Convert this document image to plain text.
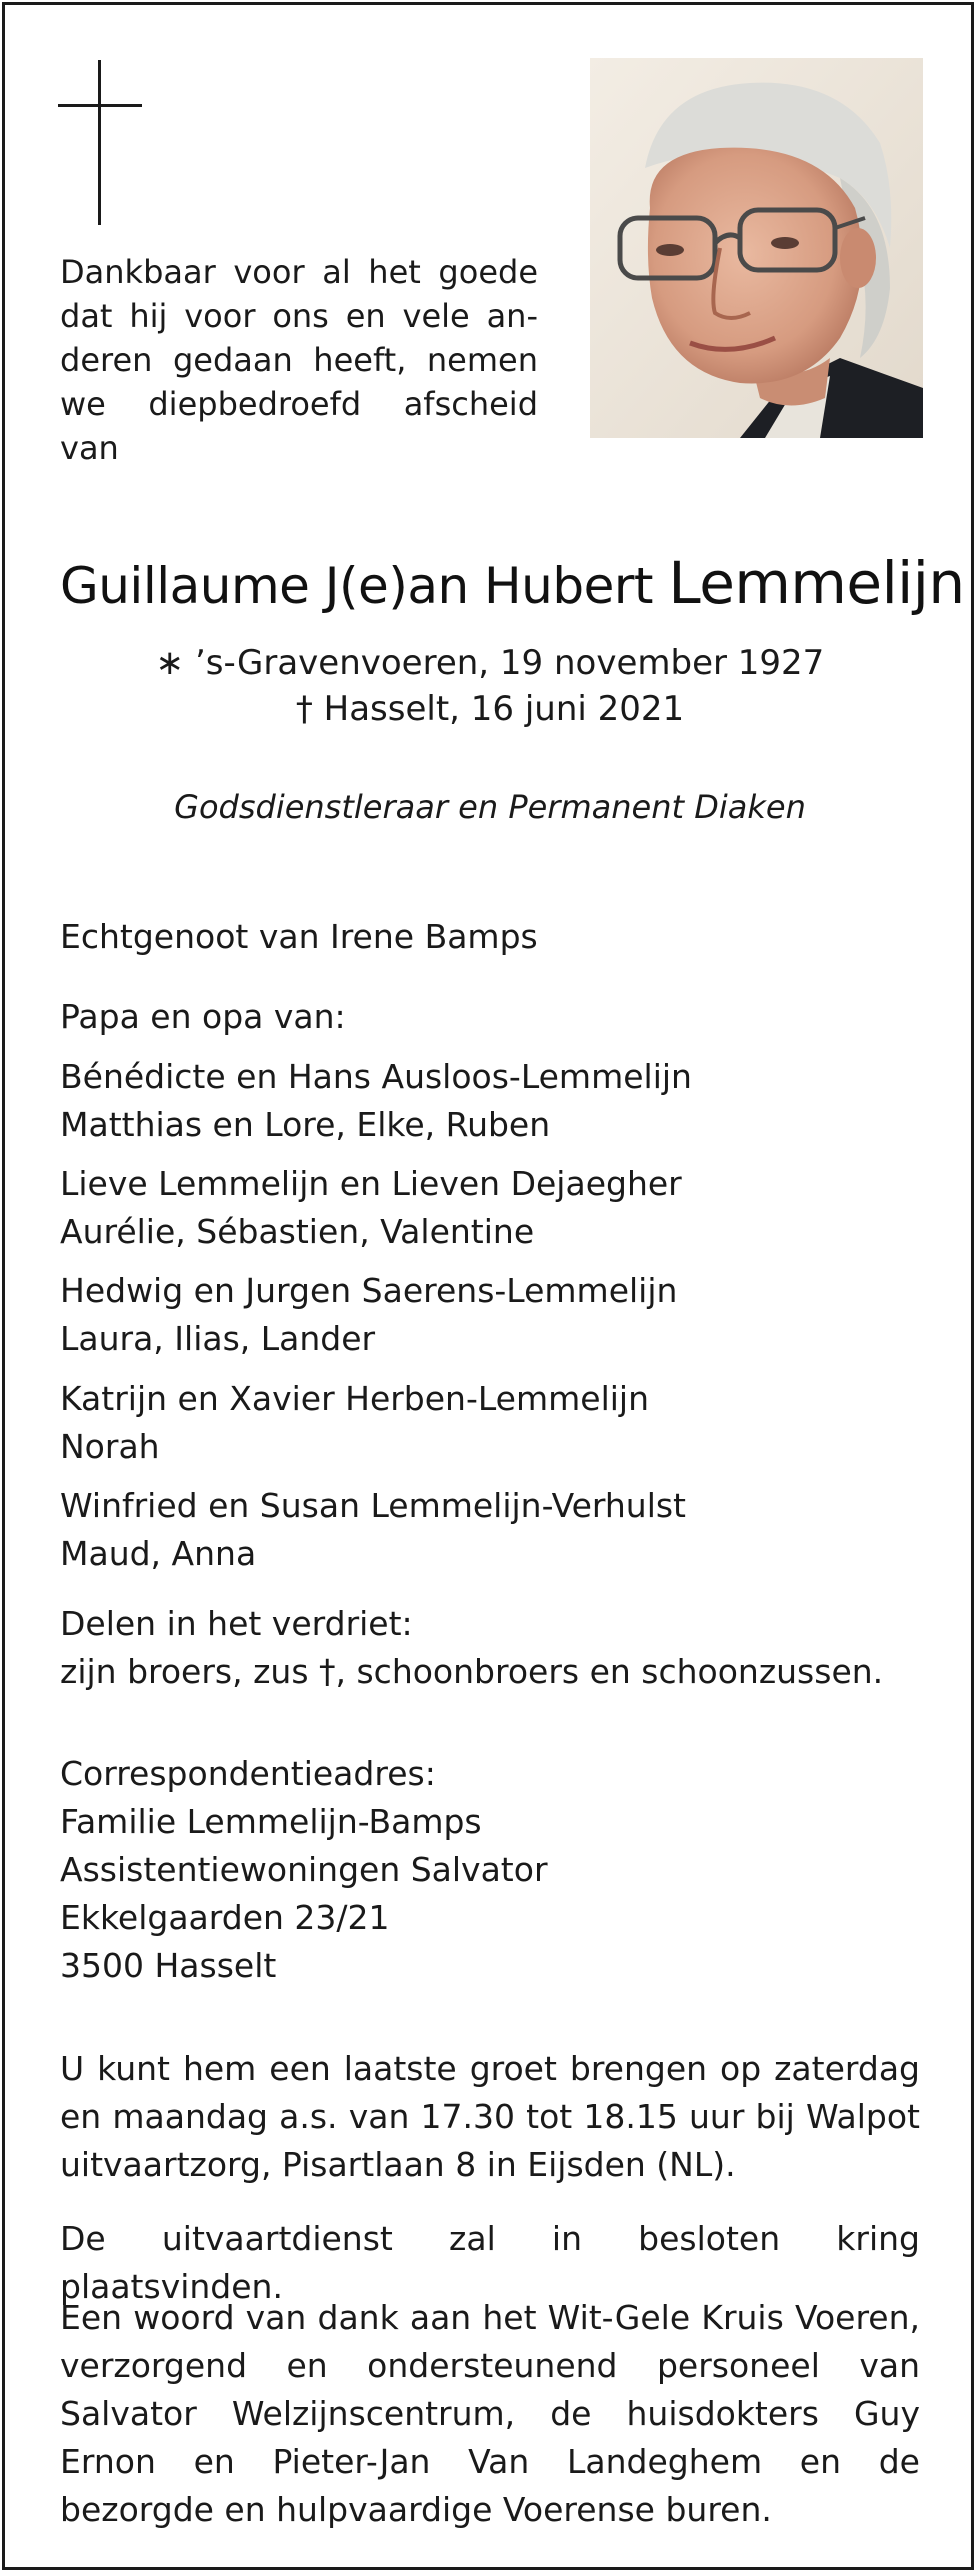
Dankbaar voor al het goede
dat hij voor ons en vele an-
deren gedaan heeft, nemen
we diepbedroefd afscheid van
Guillaume J(e)an Hubert Lemmelijn
∗ ’s-Gravenvoeren, 19 november 1927
† Hasselt, 16 juni 2021
Godsdienstleraar en Permanent Diaken
Echtgenoot van Irene Bamps
Papa en opa van:
Bénédicte en Hans Ausloos-Lemmelijn
Matthias en Lore, Elke, Ruben
Lieve Lemmelijn en Lieven Dejaegher
Aurélie, Sébastien, Valentine
Hedwig en Jurgen Saerens-Lemmelijn
Laura, Ilias, Lander
Katrijn en Xavier Herben-Lemmelijn
Norah
Winfried en Susan Lemmelijn-Verhulst
Maud, Anna
Delen in het verdriet:
zijn broers, zus †, schoonbroers en schoonzussen.
Correspondentieadres:
Familie Lemmelijn-Bamps
Assistentiewoningen Salvator
Ekkelgaarden 23/21
3500 Hasselt
U kunt hem een laatste groet brengen op zaterdag en maandag a.s. van 17.30 tot 18.15 uur bij Walpot uitvaartzorg, Pisartlaan 8 in Eijsden (NL).
De uitvaartdienst zal in besloten kring plaatsvinden.
Een woord van dank aan het Wit-Gele Kruis Voeren, verzorgend en ondersteunend personeel van Salvator Welzijnscentrum, de huisdokters Guy Ernon en Pieter-Jan Van Landeghem en de bezorgde en hulpvaardige Voerense buren.
